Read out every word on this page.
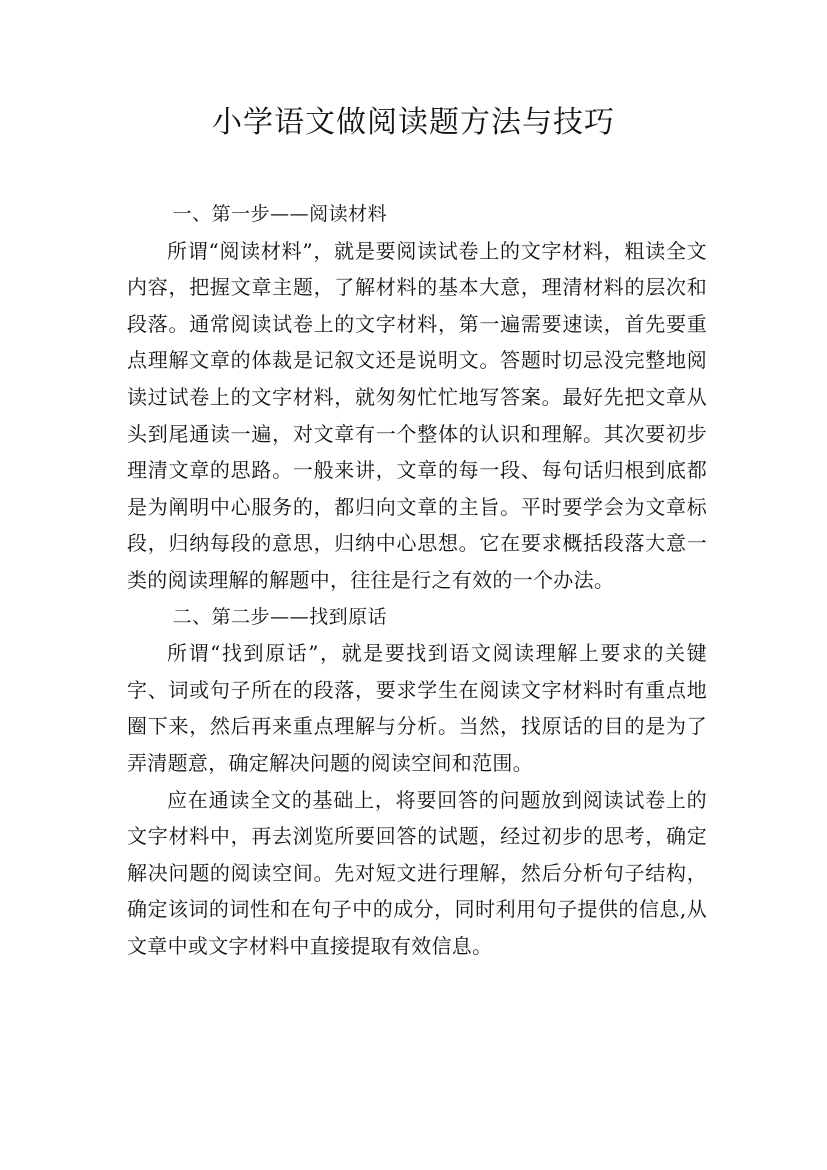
小学语文做阅读题方法与技巧

一、第一步——阅读材料

所谓“阅读材料”，就是要阅读试卷上的文字材料，粗读全文内容，把握文章主题，了解材料的基本大意，理清材料的层次和段落。通常阅读试卷上的文字材料，第一遍需要速读，首先要重点理解文章的体裁是记叙文还是说明文。答题时切忌没完整地阅读过试卷上的文字材料，就匆匆忙忙地写答案。最好先把文章从头到尾通读一遍，对文章有一个整体的认识和理解。其次要初步理清文章的思路。一般来讲，文章的每一段、每句话归根到底都是为阐明中心服务的，都归向文章的主旨。平时要学会为文章标段，归纳每段的意思，归纳中心思想。它在要求概括段落大意一类的阅读理解的解题中，往往是行之有效的一个办法。

二、第二步——找到原话

所谓“找到原话”，就是要找到语文阅读理解上要求的关键字、词或句子所在的段落，要求学生在阅读文字材料时有重点地圈下来，然后再来重点理解与分析。当然，找原话的目的是为了弄清题意，确定解决问题的阅读空间和范围。

应在通读全文的基础上，将要回答的问题放到阅读试卷上的文字材料中，再去浏览所要回答的试题，经过初步的思考，确定解决问题的阅读空间。先对短文进行理解，然后分析句子结构，确定该词的词性和在句子中的成分，同时利用句子提供的信息,从文章中或文字材料中直接提取有效信息。
